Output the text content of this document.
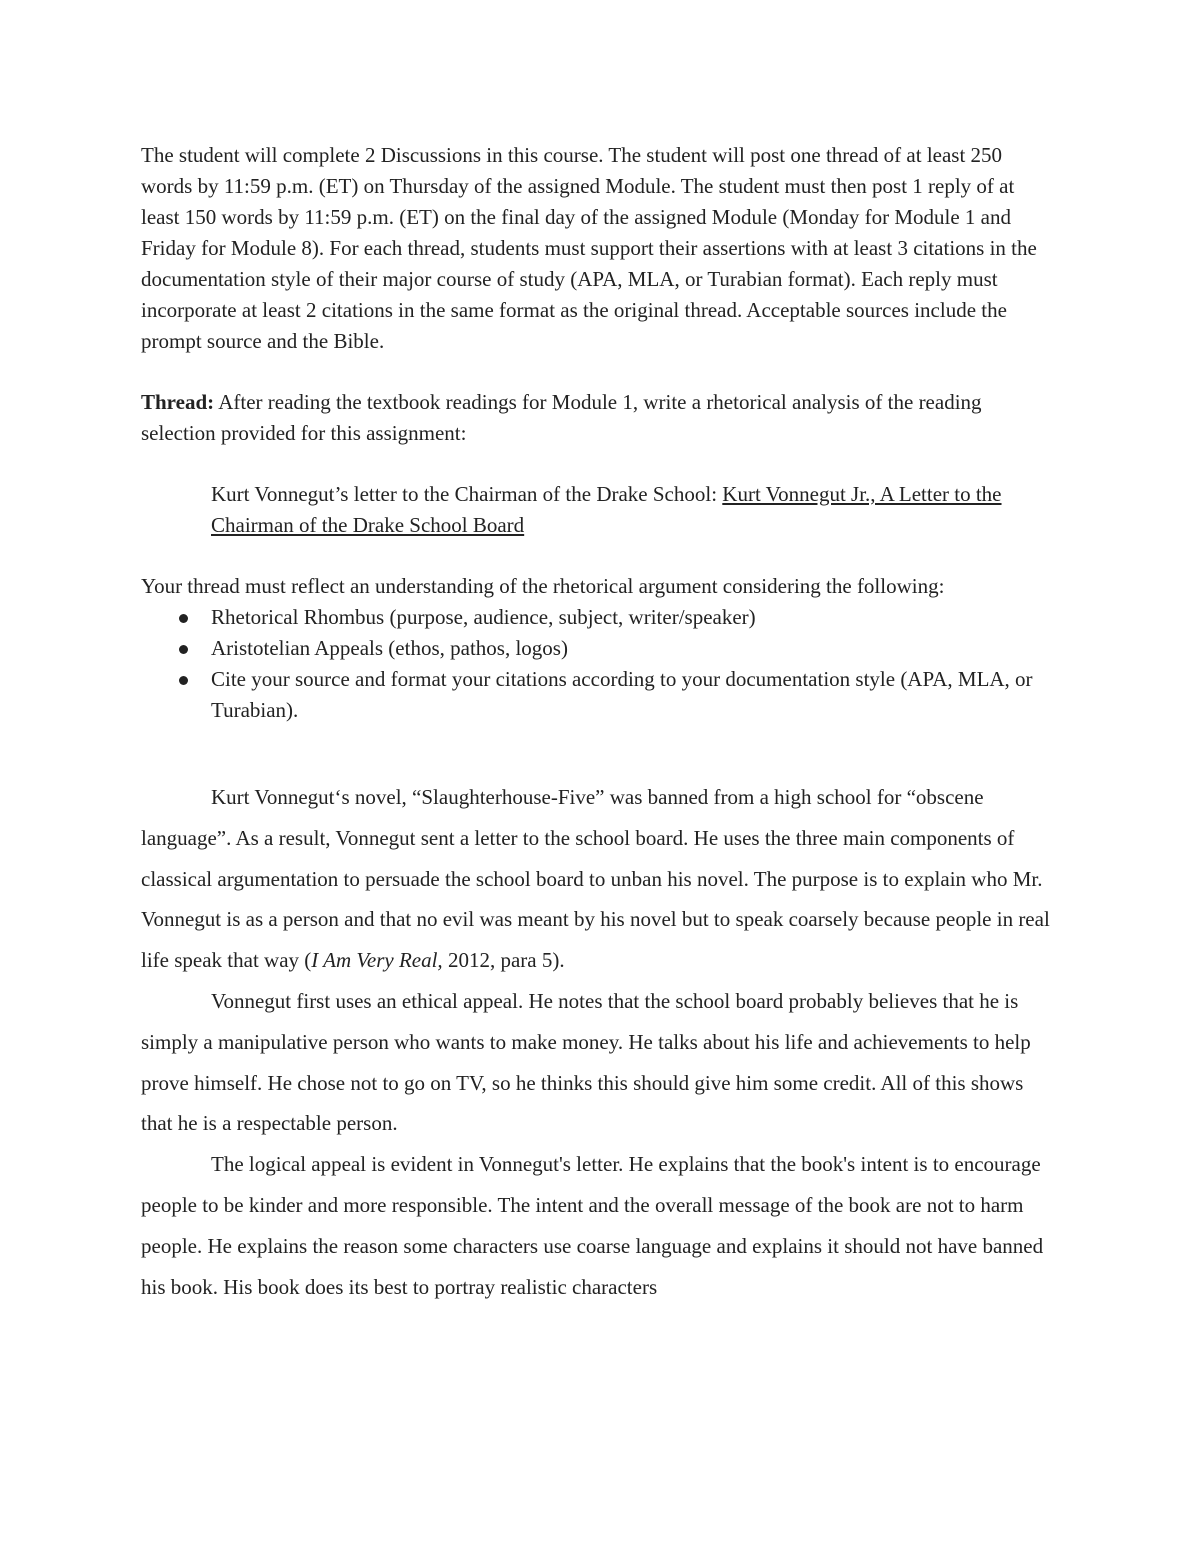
The student will complete 2 Discussions in this course. The student will post one thread of at least 250 words by 11:59 p.m. (ET) on Thursday of the assigned Module. The student must then post 1 reply of at least 150 words by 11:59 p.m. (ET) on the final day of the assigned Module (Monday for Module 1 and Friday for Module 8). For each thread, students must support their assertions with at least 3 citations in the documentation style of their major course of study (APA, MLA, or Turabian format). Each reply must incorporate at least 2 citations in the same format as the original thread. Acceptable sources include the prompt source and the Bible.

Thread: After reading the textbook readings for Module 1, write a rhetorical analysis of the reading selection provided for this assignment:

Kurt Vonnegut’s letter to the Chairman of the Drake School: Kurt Vonnegut Jr., A Letter to the Chairman of the Drake School Board

Your thread must reflect an understanding of the rhetorical argument considering the following:
Rhetorical Rhombus (purpose, audience, subject, writer/speaker)
Aristotelian Appeals (ethos, pathos, logos)
Cite your source and format your citations according to your documentation style (APA, MLA, or Turabian).

Kurt Vonnegut‘s novel, “Slaughterhouse-Five” was banned from a high school for “obscene language”. As a result, Vonnegut sent a letter to the school board. He uses the three main components of classical argumentation to persuade the school board to unban his novel. The purpose is to explain who Mr. Vonnegut is as a person and that no evil was meant by his novel but to speak coarsely because people in real life speak that way (I Am Very Real, 2012, para 5).

Vonnegut first uses an ethical appeal. He notes that the school board probably believes that he is simply a manipulative person who wants to make money. He talks about his life and achievements to help prove himself. He chose not to go on TV, so he thinks this should give him some credit. All of this shows that he is a respectable person.

The logical appeal is evident in Vonnegut's letter. He explains that the book's intent is to encourage people to be kinder and more responsible. The intent and the overall message of the book are not to harm people. He explains the reason some characters use coarse language and explains it should not have banned his book. His book does its best to portray realistic characters
